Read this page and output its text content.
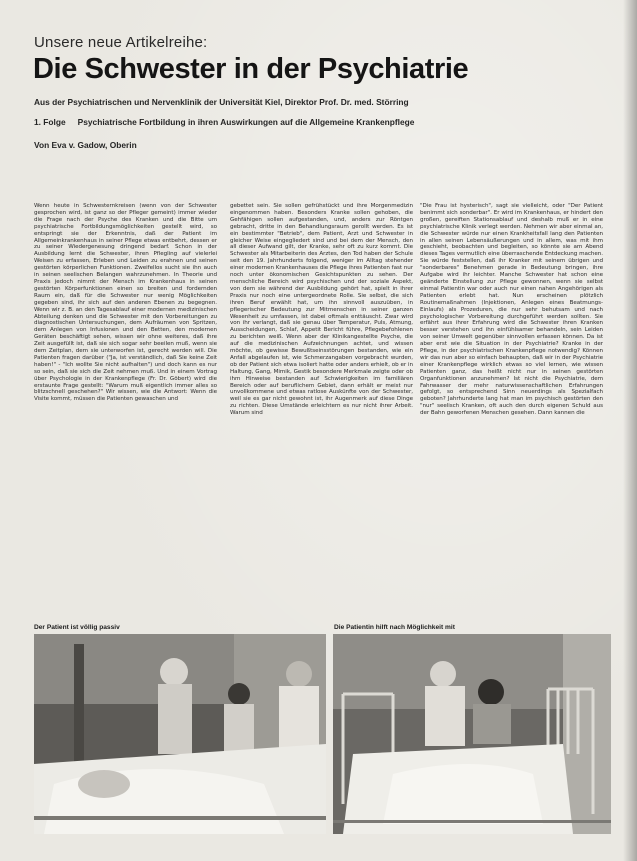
Unsere neue Artikelreihe:
Die Schwester in der Psychiatrie
Aus der Psychiatrischen und Nervenklinik der Universität Kiel, Direktor Prof. Dr. med. Störring
1. Folge Psychiatrische Fortbildung in ihren Auswirkungen auf die Allgemeine Krankenpflege
Von Eva v. Gadow, Oberin

Wenn heute in Schwesternkreisen (wenn von der Schwester gesprochen wird, ist ganz so der Pfleger gemeint) immer wieder die Frage nach der Psyche des Kranken und die Bitte um psychiatrische Fortbildungsmöglichkeiten gestellt wird, so entspringt sie der Erkenntnis, daß der Patient im Allgemeinkrankenhaus in seiner Pflege etwas entbehrt, dessen er zu seiner Wiedergenesung dringend bedarf. Schon in der Ausbildung lernt die Schwester, ihren Pflegling auf vielerlei Weisen zu erfassen, Erleben und Leiden zu erahnen und seinen gestörten körperlichen Funktionen. Zweifellos sucht sie ihn auch in seinen seelischen Belangen wahrzunehmen. In Theorie und Praxis jedoch nimmt der Mensch im Krankenhaus in seinen gestörten Körperfunktionen einen so breiten und fordernden Raum ein, daß für die Schwester nur wenig Möglichkeiten gegeben sind, ihr sich auf den anderen Ebenen zu begegnen. Wenn wir z. B. an den Tagesablauf einer modernen medizinischen Abteilung denken und die Schwester mit den Vorbereitungen zu diagnostischen Untersuchungen, dem Aufräumen von Spritzen, dem Anlegen von Infusionen und den Betten, den modernen Geräten beschäftigt sehen, wissen wir ohne weiteres, daß ihre Zeit ausgefüllt ist, daß sie sich sogar sehr beeilen muß, wenn sie dem Zeitplan, dem sie unterworfen ist, gerecht werden will. Die Patienten fragen darüber ("Ja, ist verständlich, daß Sie keine Zeit haben!" - "Ich wollte Sie nicht aufhalten") und doch kann es nur so sein, daß sie sich die Zeit nehmen muß. Und in einem Vortrag über Psychologie in der Krankenpflege (Fr. Dr. Göbert) wird die erstaunte Frage gestellt: "Warum muß eigentlich immer alles so blitzschnell geschehen?" Wir wissen, wie die Antwort: Wenn die Visite kommt, müssen die Patienten gewaschen und

gebettet sein. Sie sollen gefrühstückt und ihre Morgenmedizin eingenommen haben. Besonders Kranke sollen gehoben, die Gehfähigen sollen aufgestanden, und, anders zur Röntgen gebracht, dritte in den Behandlungsraum gerollt werden. Es ist ein bestimmter "Betrieb", dem Patient, Arzt und Schwester in gleicher Weise eingegliedert sind und bei dem der Mensch, den all dieser Aufwand gilt, der Kranke, sehr oft zu kurz kommt. Die Schwester als Mitarbeiterin des Arztes, den Tod haben der Schule seit den 19. Jahrhunderts folgend, weniger im Alltag stehender einer modernen Krankenhauses die Pflege ihres Patienten fast nur noch unter ökonomischen Gesichtspunkten zu sehen. Der menschliche Bereich wird psychischen und der soziale Aspekt, von dem sie während der Ausbildung gehört hat, spielt in ihrer Praxis nur noch eine untergeordnete Rolle. Sie selbst, die sich ihren Beruf erwählt hat, um ihn sinnvoll auszuüben, in pflegerischer Bedeutung zur Mitmenschen in seiner ganzen Wesenheit zu umfassen, ist dabei oftmals enttäuscht. Zwar wird von ihr verlangt, daß sie genau über Temperatur, Puls, Atmung, Ausscheidungen, Schlaf, Appetit Bericht führe, Pflegebefohlenen zu berichten weiß. Wenn aber der Klinikangestellte Psyche, die auf die medizinischen Aufzeichnungen achtet, und wissen möchte, ob gewisse Bewußtseinsstörungen bestanden, wie ein Anfall abgelaufen ist, wie Schmerzangaben vorgebracht wurden, ob der Patient sich etwa isoliert hatte oder anders erhielt, ob er in Haltung, Gang, Mimik, Gestik besondere Merkmale zeigte oder ob ihm Hinweise bestanden auf Schwierigkeiten im familiären Bereich oder auf beruflichem Gebiet, dann erhält er meist nur unvollkommene und etwas ratlose Auskünfte von der Schwester, weil sie es gar nicht gewohnt ist, ihr Augenmerk auf diese Dinge zu richten. Diese Umstände erleichtern es nur nicht ihrer Arbeit. Warum sind

"Die Frau ist hysterisch", sagt sie vielleicht, oder "Der Patient benimmt sich sonderbar". Er wird im Krankenhaus, er hindert den großen, gereiften Stationsablauf und deshalb muß er in eine psychiatrische Klinik verlegt werden. Nehmen wir aber einmal an, die Schwester würde nur einen Krankheitsfall lang den Patienten in allen seinen Lebensäußerungen und in allem, was mit ihm geschieht, beobachten und begleiten, so könnte sie am Abend dieses Tages vermutlich eine überraschende Entdeckung machen. Sie würde feststellen, daß ihr Kranker mit seinem übrigen und "sonderbares" Benehmen gerade in Bedeutung bringen, ihre Aufgabe wird ihr leichter. Manche Schwester hat schon eine geänderte Einstellung zur Pflege gewonnen, wenn sie selbst einmal Patientin war oder auch nur einen nahen Angehörigen als Patienten erlebt hat. Nun erscheinen plötzlich Routinemaßnahmen (Injektionen, Anlegen eines Beatmungs-Einlaufs) als Prozeduren, die nur sehr behutsam und nach psychologischer Vorbereitung durchgeführt werden sollten. Sie erfährt aus ihrer Erfahrung wird die Schwester ihren Kranken besser verstehen und ihn einfühlsamer behandeln, sein Leiden von seiner Umwelt gegenüber sinnvollen erfassen können. Da ist aber erst wie die Situation in der Psychiatrie? Kranke in der Pflege, in der psychiatrischen Krankenpflege notwendig? Können wir das nun aber so einfach behaupten, daß wir in der Psychiatrie einer Krankenpflege wirklich etwas so viel lernen, wie wissen Patienten ganz, das heißt nicht nur in seinen gestörten Organfunktionen anzunehmen? Ist nicht die Psychiatrie, dem Fahrwasser der mehr naturwissenschaftlichen Erfahrungen gefolgt, so entsprechend Sinn neuerdings als Spezialfach geboten? Jahrhunderte lang hat man im psychisch gestörten den "nur" seelisch Kranken, oft auch den durch eigenen Schuld aus der Bahn geworfenen Menschen gesehen. Dann kannen die

Der Patient ist völlig passiv	Die Patientin hilft nach Möglichkeit mit
